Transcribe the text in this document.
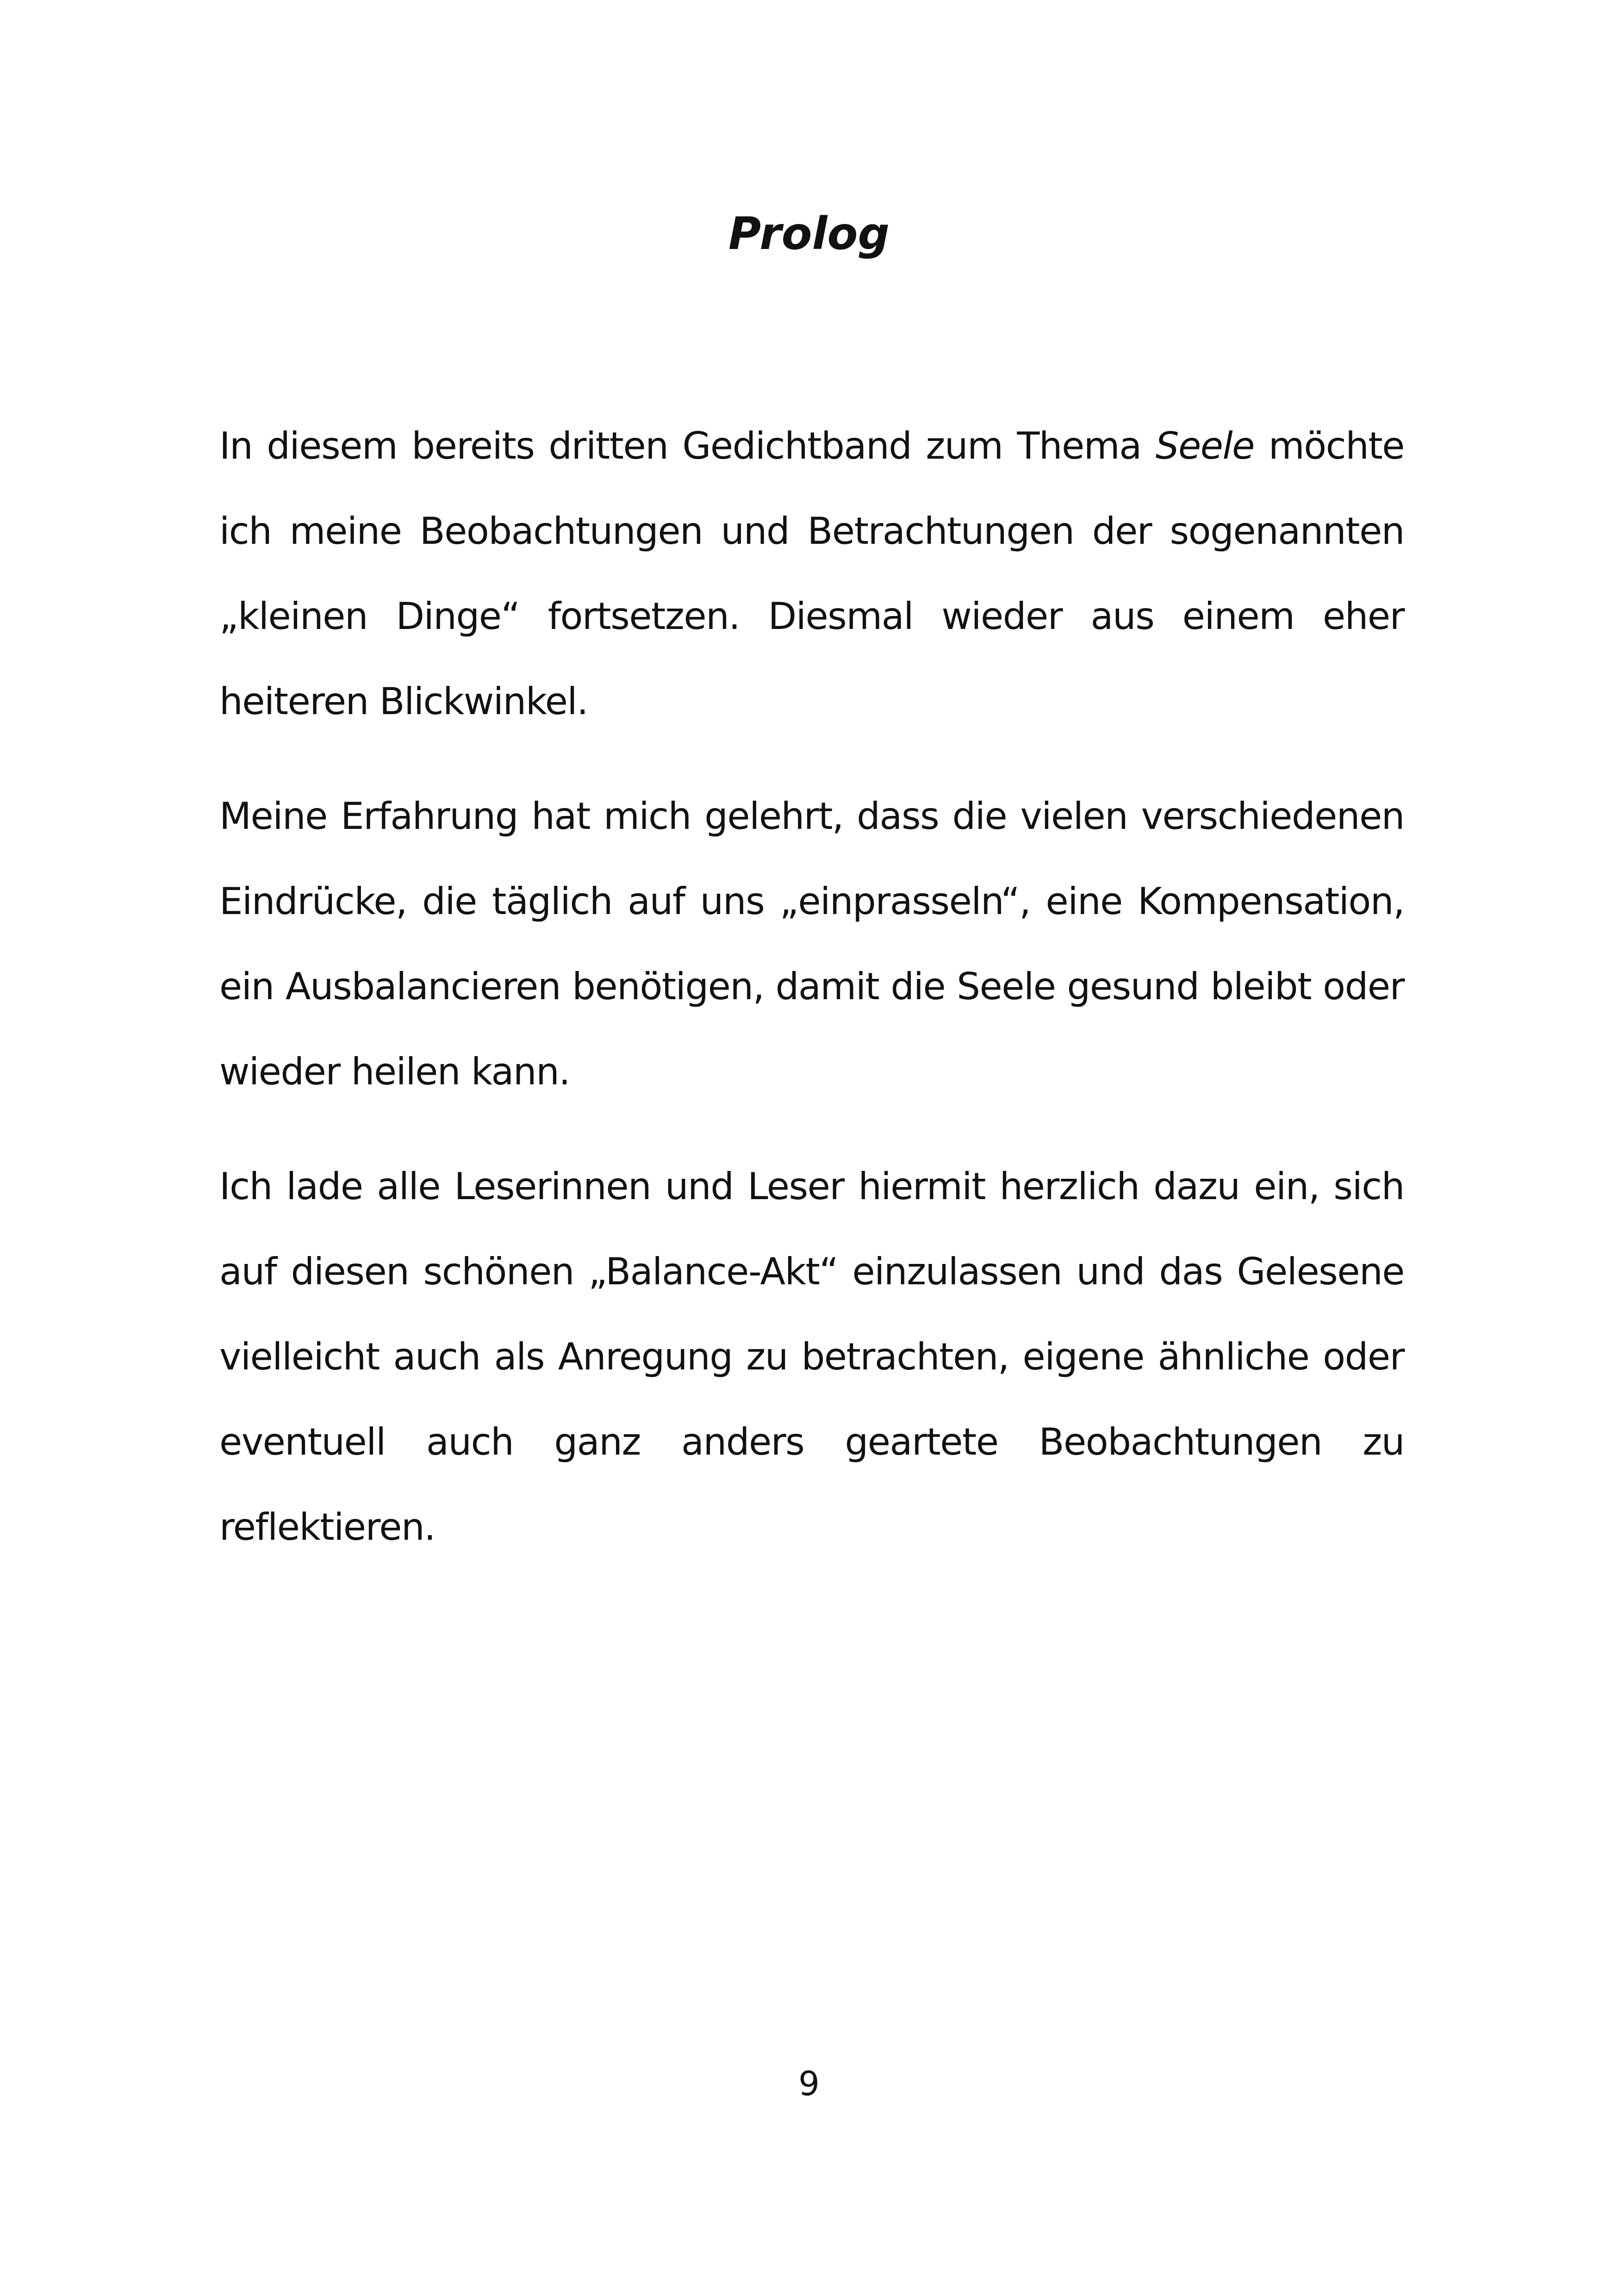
Prolog

In diesem bereits dritten Gedichtband zum Thema Seele möchte ich meine Beobachtungen und Betrachtungen der sogenannten „kleinen Dinge“ fortsetzen. Diesmal wieder aus einem eher heiteren Blickwinkel.

Meine Erfahrung hat mich gelehrt, dass die vielen verschiedenen Eindrücke, die täglich auf uns „einprasseln“, eine Kompensation, ein Ausbalancieren benötigen, damit die Seele gesund bleibt oder wieder heilen kann.

Ich lade alle Leserinnen und Leser hiermit herzlich dazu ein, sich auf diesen schönen „Balance-Akt“ einzulassen und das Gelesene vielleicht auch als Anregung zu betrachten, eigene ähnliche oder eventuell auch ganz anders geartete Beobachtungen zu reflektieren.

9
